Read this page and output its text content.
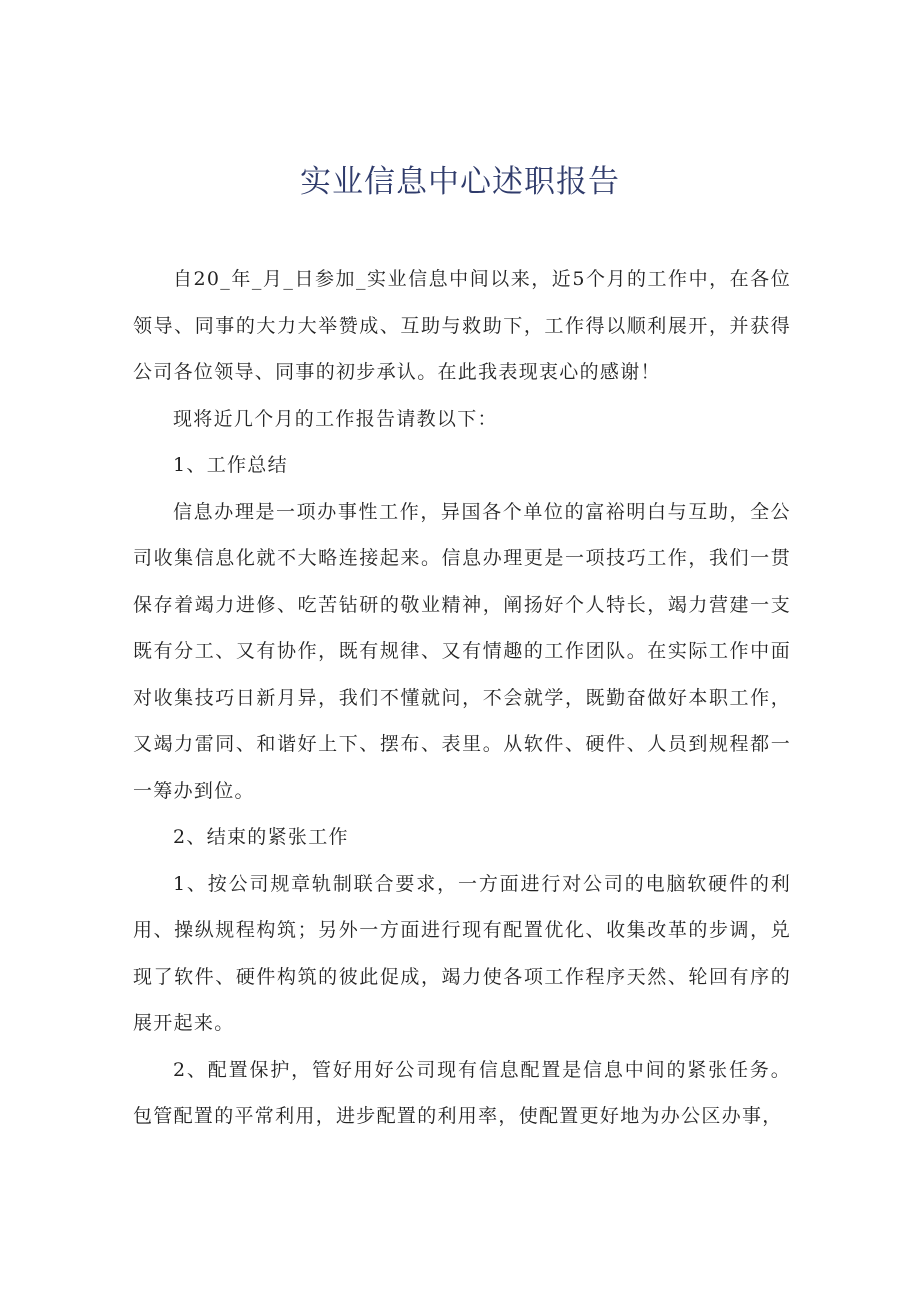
实业信息中心述职报告

自20_年_月_日参加_实业信息中间以来，近5个月的工作中，在各位领导、同事的大力大举赞成、互助与救助下，工作得以顺利展开，并获得公司各位领导、同事的初步承认。在此我表现衷心的感谢！

现将近几个月的工作报告请教以下：

1、工作总结

信息办理是一项办事性工作，异国各个单位的富裕明白与互助，全公司收集信息化就不大略连接起来。信息办理更是一项技巧工作，我们一贯保存着竭力进修、吃苦钻研的敬业精神，阐扬好个人特长，竭力营建一支既有分工、又有协作，既有规律、又有情趣的工作团队。在实际工作中面对收集技巧日新月异，我们不懂就问，不会就学，既勤奋做好本职工作，又竭力雷同、和谐好上下、摆布、表里。从软件、硬件、人员到规程都一一筹办到位。

2、结束的紧张工作

1、按公司规章轨制联合要求，一方面进行对公司的电脑软硬件的利用、操纵规程构筑；另外一方面进行现有配置优化、收集改革的步调，兑现了软件、硬件构筑的彼此促成，竭力使各项工作程序天然、轮回有序的展开起来。

2、配置保护，管好用好公司现有信息配置是信息中间的紧张任务。包管配置的平常利用，进步配置的利用率，使配置更好地为办公区办事，
